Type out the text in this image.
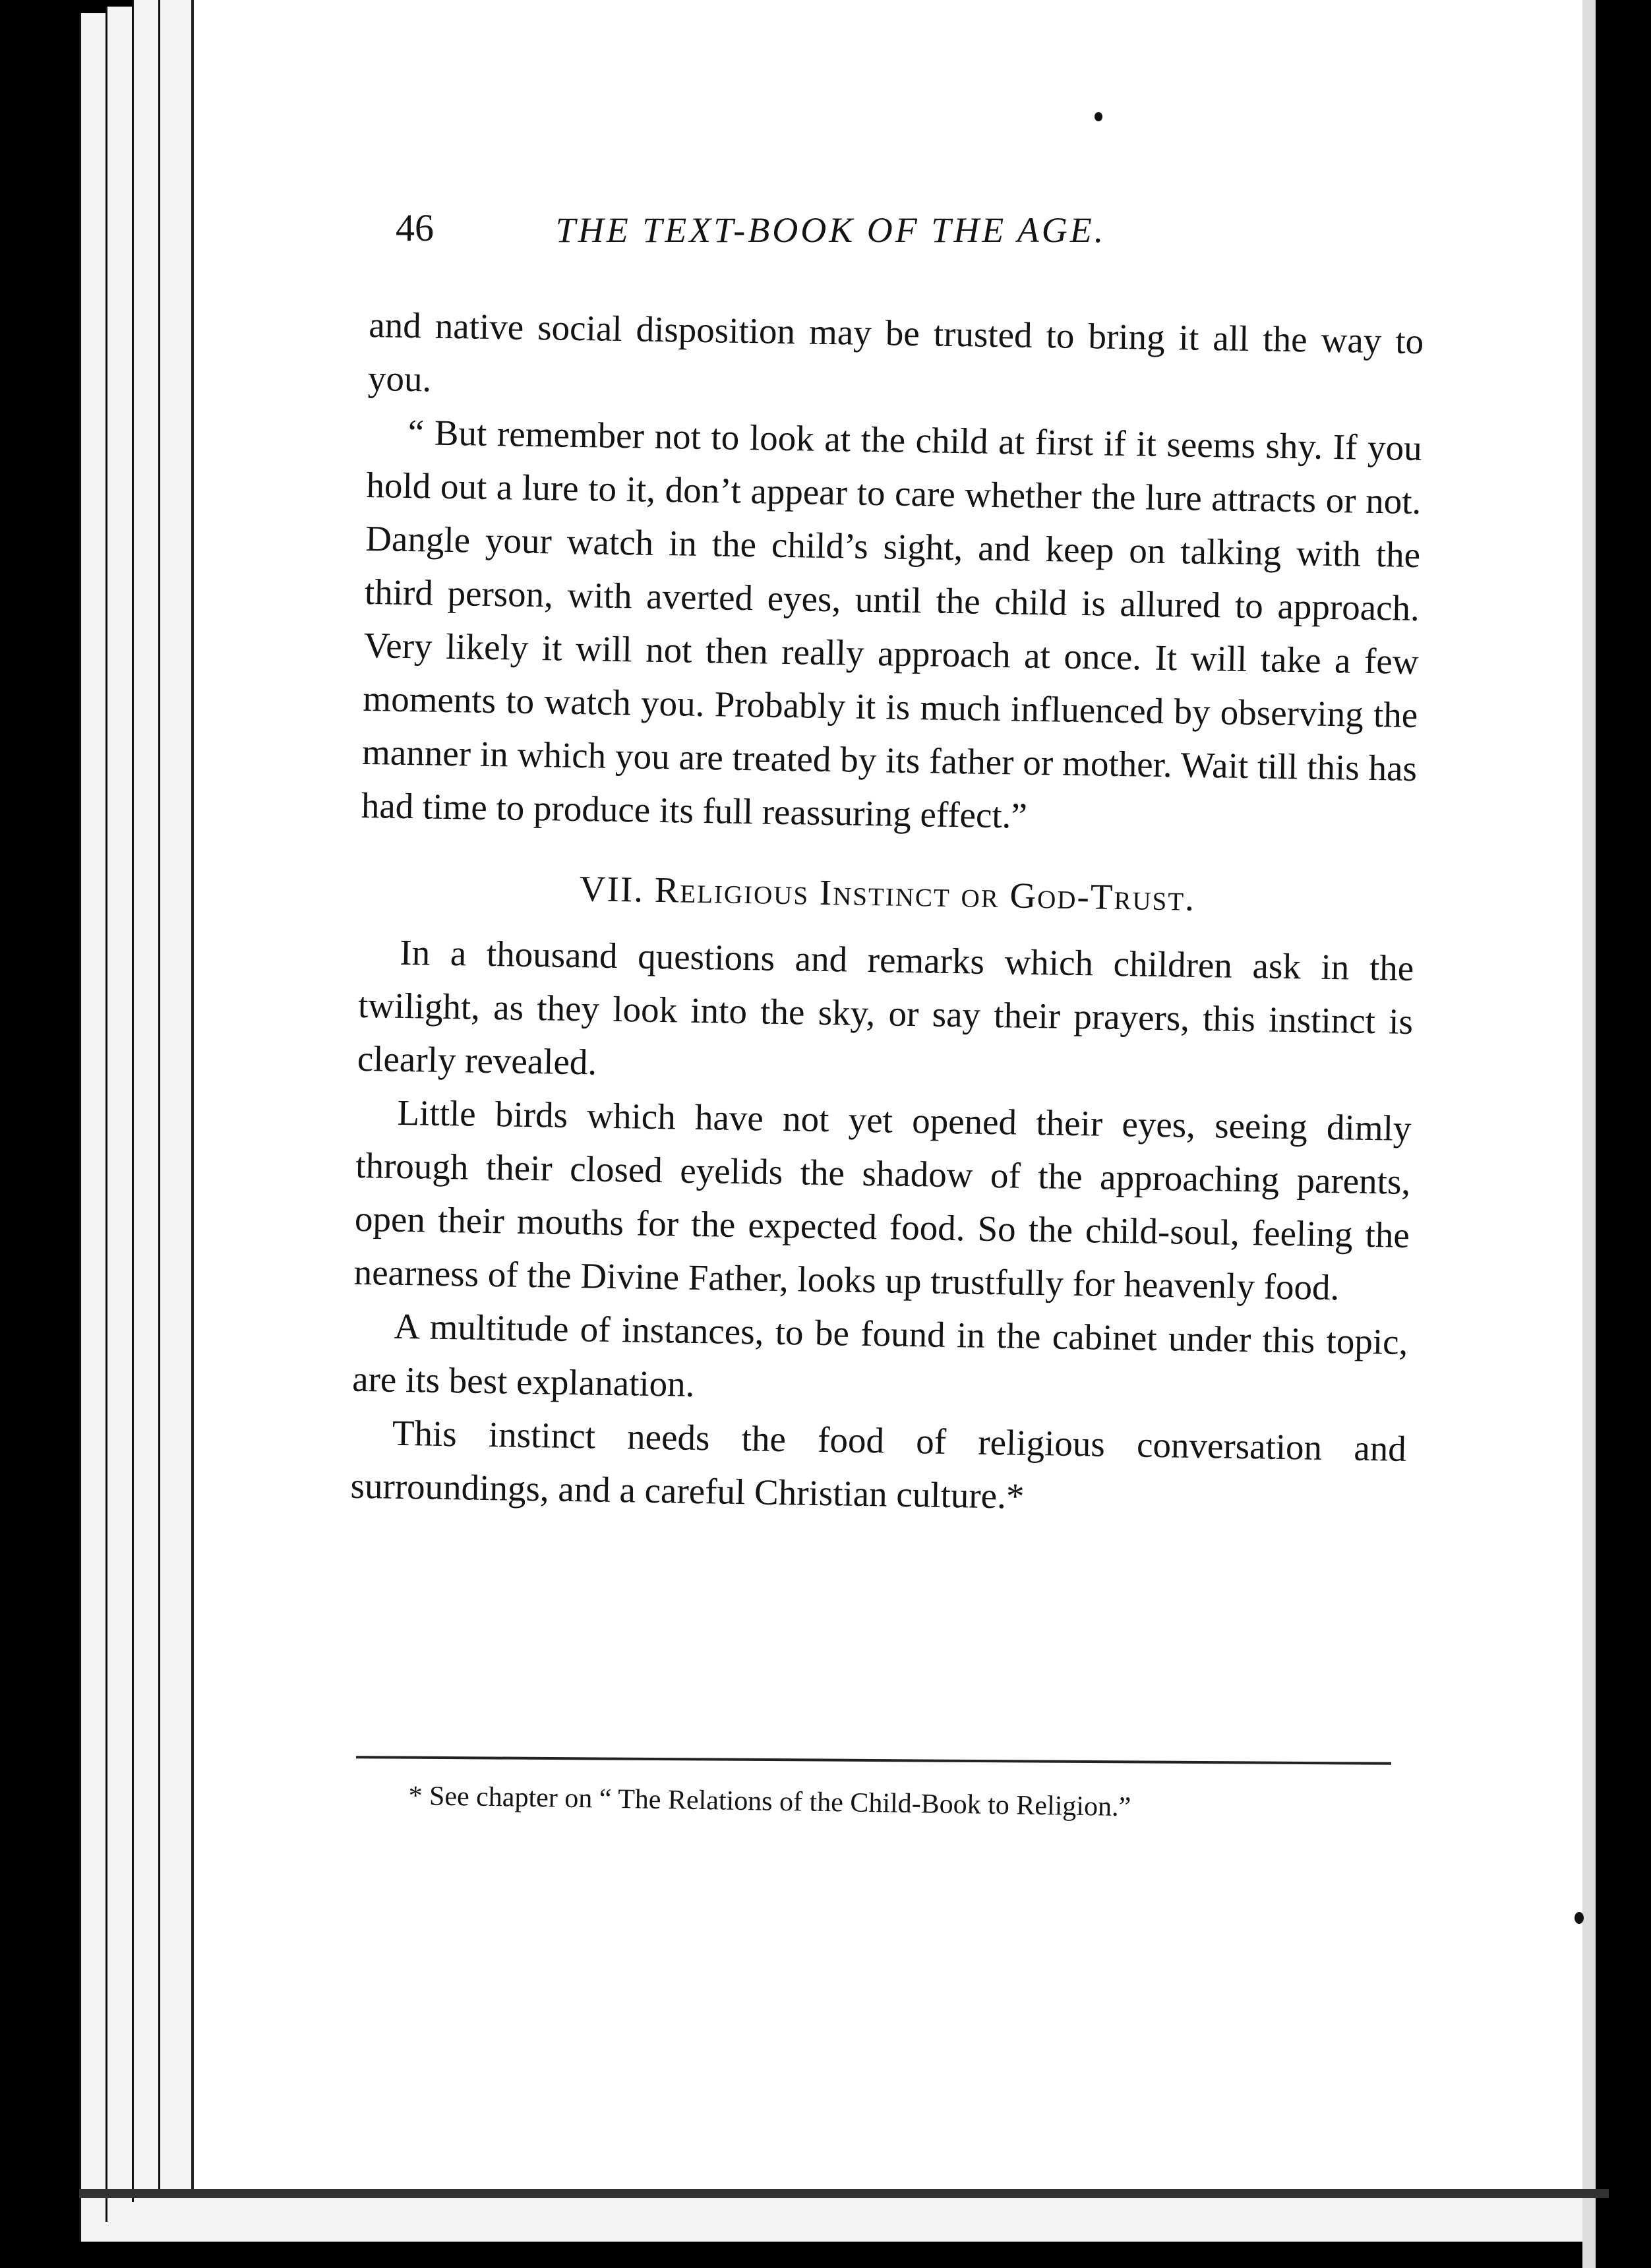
46	THE TEXT-BOOK OF THE AGE.

and native social disposition may be trusted to bring it all the way to you.

“ But remember not to look at the child at first if it seems shy. If you hold out a lure to it, don’t appear to care whether the lure attracts or not. Dangle your watch in the child’s sight, and keep on talking with the third person, with averted eyes, until the child is allured to approach. Very likely it will not then really approach at once. It will take a few moments to watch you. Probably it is much influenced by observing the manner in which you are treated by its father or mother. Wait till this has had time to produce its full reassuring effect.”

VII. Religious Instinct or God-Trust.

In a thousand questions and remarks which children ask in the twilight, as they look into the sky, or say their prayers, this instinct is clearly revealed.

Little birds which have not yet opened their eyes, seeing dimly through their closed eyelids the shadow of the approaching parents, open their mouths for the expected food. So the child-soul, feeling the nearness of the Divine Father, looks up trustfully for heavenly food.

A multitude of instances, to be found in the cabinet under this topic, are its best explanation.

This instinct needs the food of religious conversation and surroundings, and a careful Christian culture.*

* See chapter on “ The Relations of the Child-Book to Religion.”
